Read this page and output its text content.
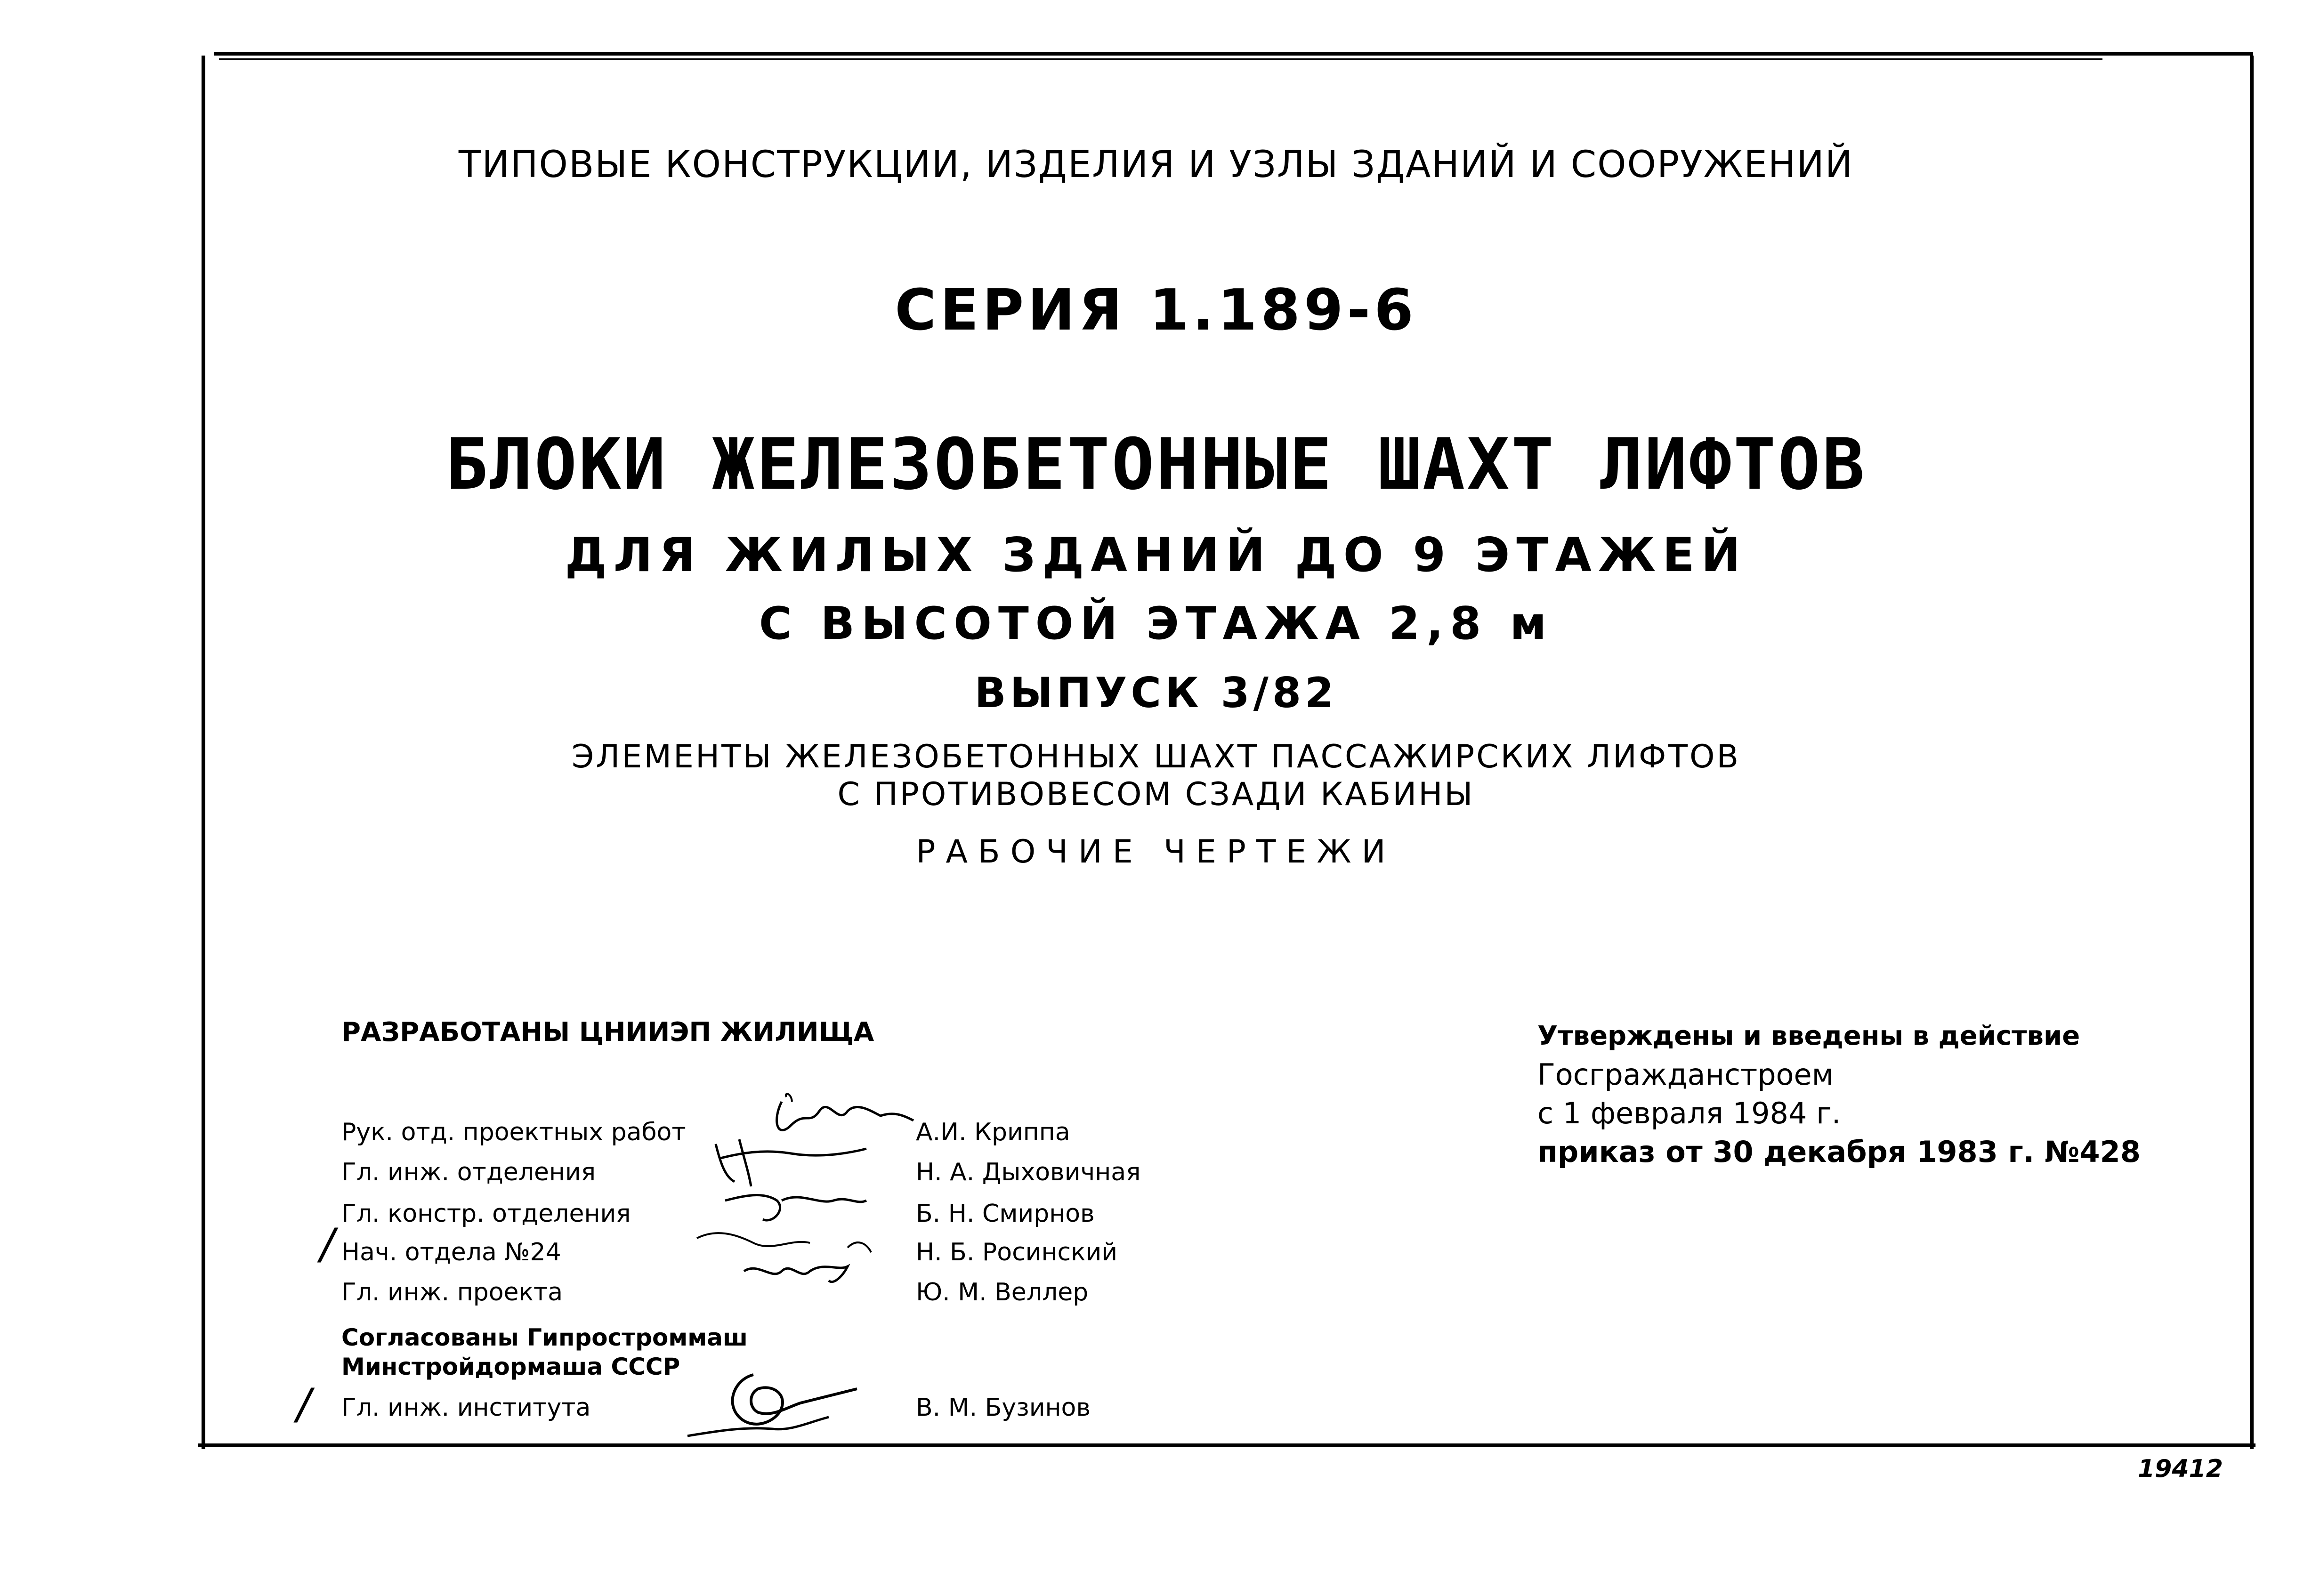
ТИПОВЫЕ КОНСТРУКЦИИ, ИЗДЕЛИЯ И УЗЛЫ ЗДАНИЙ И СООРУЖЕНИЙ
СЕРИЯ 1.189-6
БЛОКИ ЖЕЛЕЗОБЕТОННЫЕ ШАХТ ЛИФТОВ
ДЛЯ ЖИЛЫХ ЗДАНИЙ ДО 9 ЭТАЖЕЙ
С ВЫСОТОЙ ЭТАЖА 2,8 м
ВЫПУСК 3/82
ЭЛЕМЕНТЫ ЖЕЛЕЗОБЕТОННЫХ ШАХТ ПАССАЖИРСКИХ ЛИФТОВ
С ПРОТИВОВЕСОМ СЗАДИ КАБИНЫ
РАБОЧИЕ ЧЕРТЕЖИ
РАЗРАБОТАНЫ ЦНИИЭП ЖИЛИЩА	Утверждены и введены в действие
Госгражданстроем
с 1 февраля 1984 г.
приказ от 30 декабря 1983 г. №428
Рук. отд. проектных работ	А.И. Криппа
Гл. инж. отделения	Н. А. Дыховичная
Гл. констр. отделения	Б. Н. Смирнов
Нач. отдела №24	Н. Б. Росинский
Гл. инж. проекта	Ю. М. Веллер
Согласованы Гипростроммаш
Минстройдормаша СССР
Гл. инж. института	В. М. Бузинов
/
/
19412
